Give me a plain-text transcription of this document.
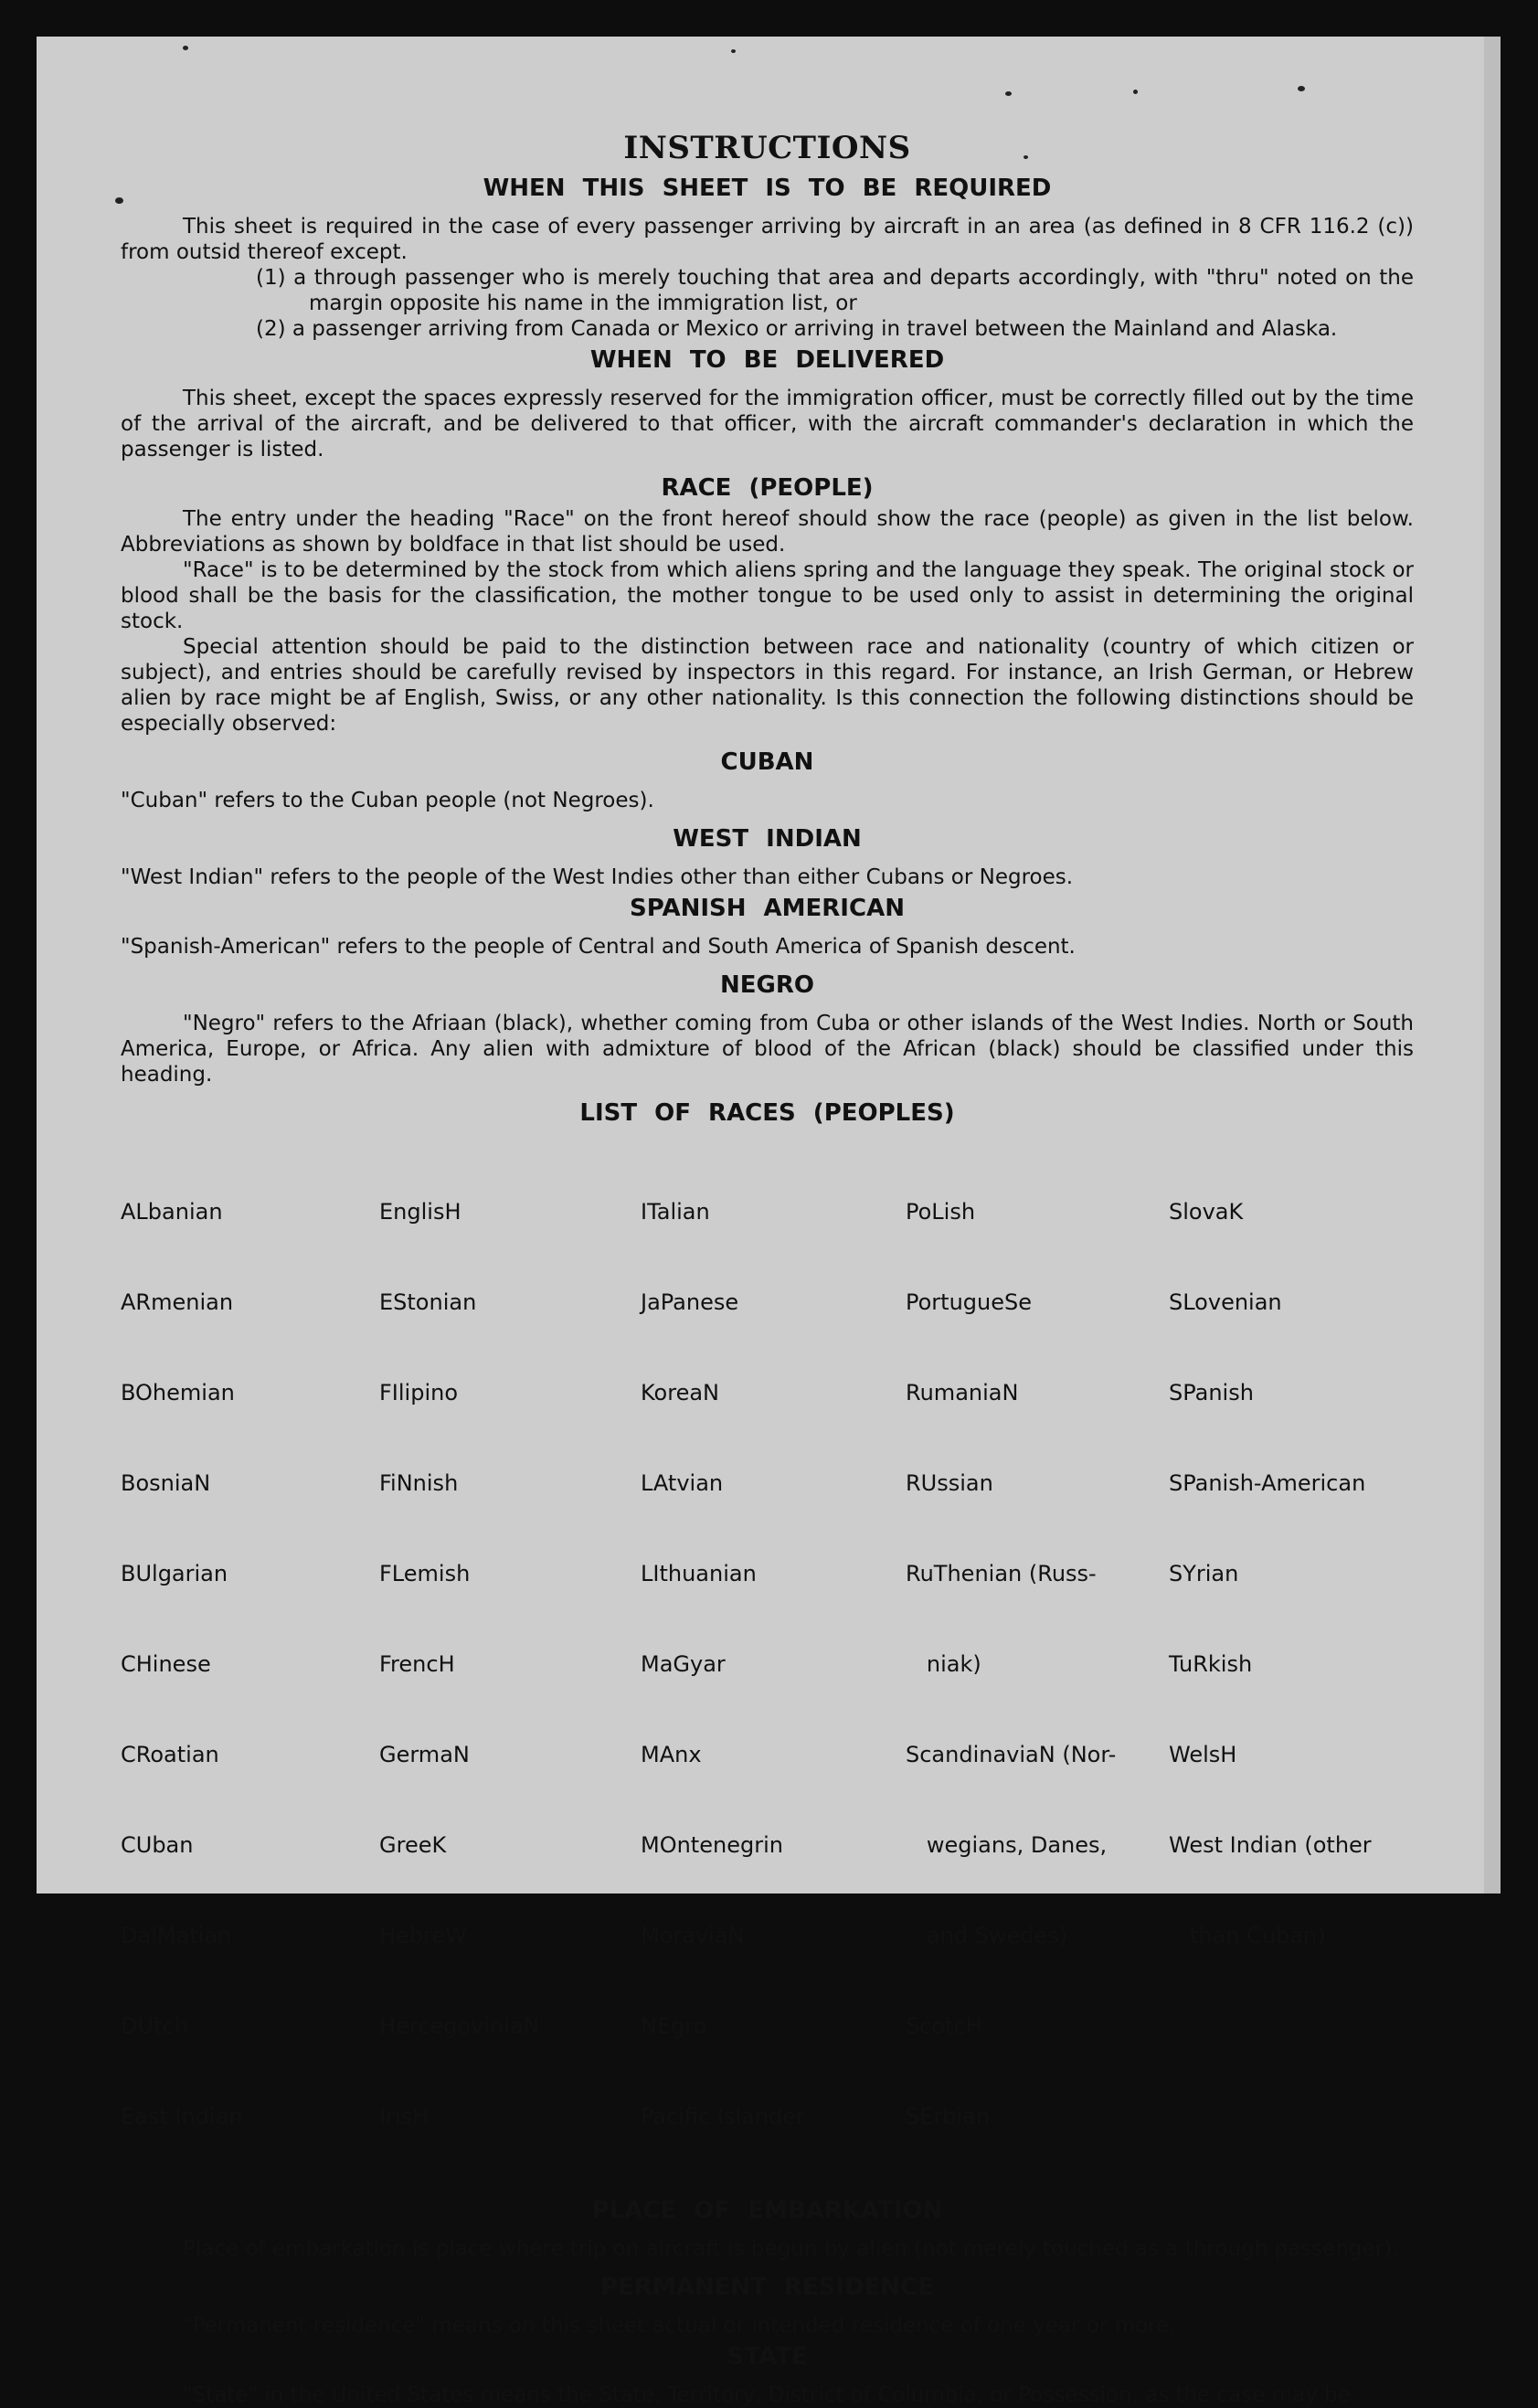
INSTRUCTIONS
WHEN THIS SHEET IS TO BE REQUIRED

This sheet is required in the case of every passenger arriving by aircraft in an area (as defined in 8 CFR 116.2 (c)) from outsid thereof except.

(1) a through passenger who is merely touching that area and departs accordingly, with "thru" noted on the margin opposite his name in the immigration list, or

(2) a passenger arriving from Canada or Mexico or arriving in travel between the Mainland and Alaska.

WHEN TO BE DELIVERED

This sheet, except the spaces expressly reserved for the immigration officer, must be correctly filled out by the time of the arrival of the aircraft, and be delivered to that officer, with the aircraft commander's declaration in which the passenger is listed.

RACE (PEOPLE)

The entry under the heading "Race" on the front hereof should show the race (people) as given in the list below. Abbreviations as shown by boldface in that list should be used.

"Race" is to be determined by the stock from which aliens spring and the language they speak. The original stock or blood shall be the basis for the classification, the mother tongue to be used only to assist in determining the original stock.

Special attention should be paid to the distinction between race and nationality (country of which citizen or subject), and entries should be carefully revised by inspectors in this regard. For instance, an Irish German, or Hebrew alien by race might be af English, Swiss, or any other nationality. Is this connection the following distinctions should be especially observed:

CUBAN

"Cuban" refers to the Cuban people (not Negroes).

WEST INDIAN

"West Indian" refers to the people of the West Indies other than either Cubans or Negroes.

SPANISH AMERICAN

"Spanish-American" refers to the people of Central and South America of Spanish descent.

NEGRO

"Negro" refers to the Afriaan (black), whether coming from Cuba or other islands of the West Indies. North or South America, Europe, or Africa. Any alien with admixture of blood of the African (black) should be classified under this heading.

LIST OF RACES (PEOPLES)

ALbanian

ARmenian

BOhemian

BosniaN

BUlgarian

CHinese

CRoatian

CUban

DalMatian

DUtch

East Indian

EnglisH

EStonian

FIlipino

FiNnish

FLemish

FrencH

GermaN

GreeK

HebreW

HercegoviniaN

IrisH

ITalian

JaPanese

KoreaN

LAtvian

LIthuanian

MaGyar

MAnx

MOntenegrin

MoraviaN

NEgro

Pacific Islander

PoLish

PortugueSe

RumaniaN

RUssian

RuThenian (Russ-

niak)

ScandinaviaN (Nor-

wegians, Danes,

and Swedes)

ScotcH

SErbian

SlovaK

SLovenian

SPanish

SPanish-American

SYrian

TuRkish

WelsH

West Indian (other

than Cuban)

PLACE OF EMBARKATION

Place of embarkation is place where trip on aircraft is begun by alien (not merely touched as a through passenger).

PERMANENT RESIDENCE

"Permanent residence" means on this sheet actual or intended residence of one year or more.

STATE

"State" in the United States means the State, Territory, District of Columbia, or Possession, as the case may be.
